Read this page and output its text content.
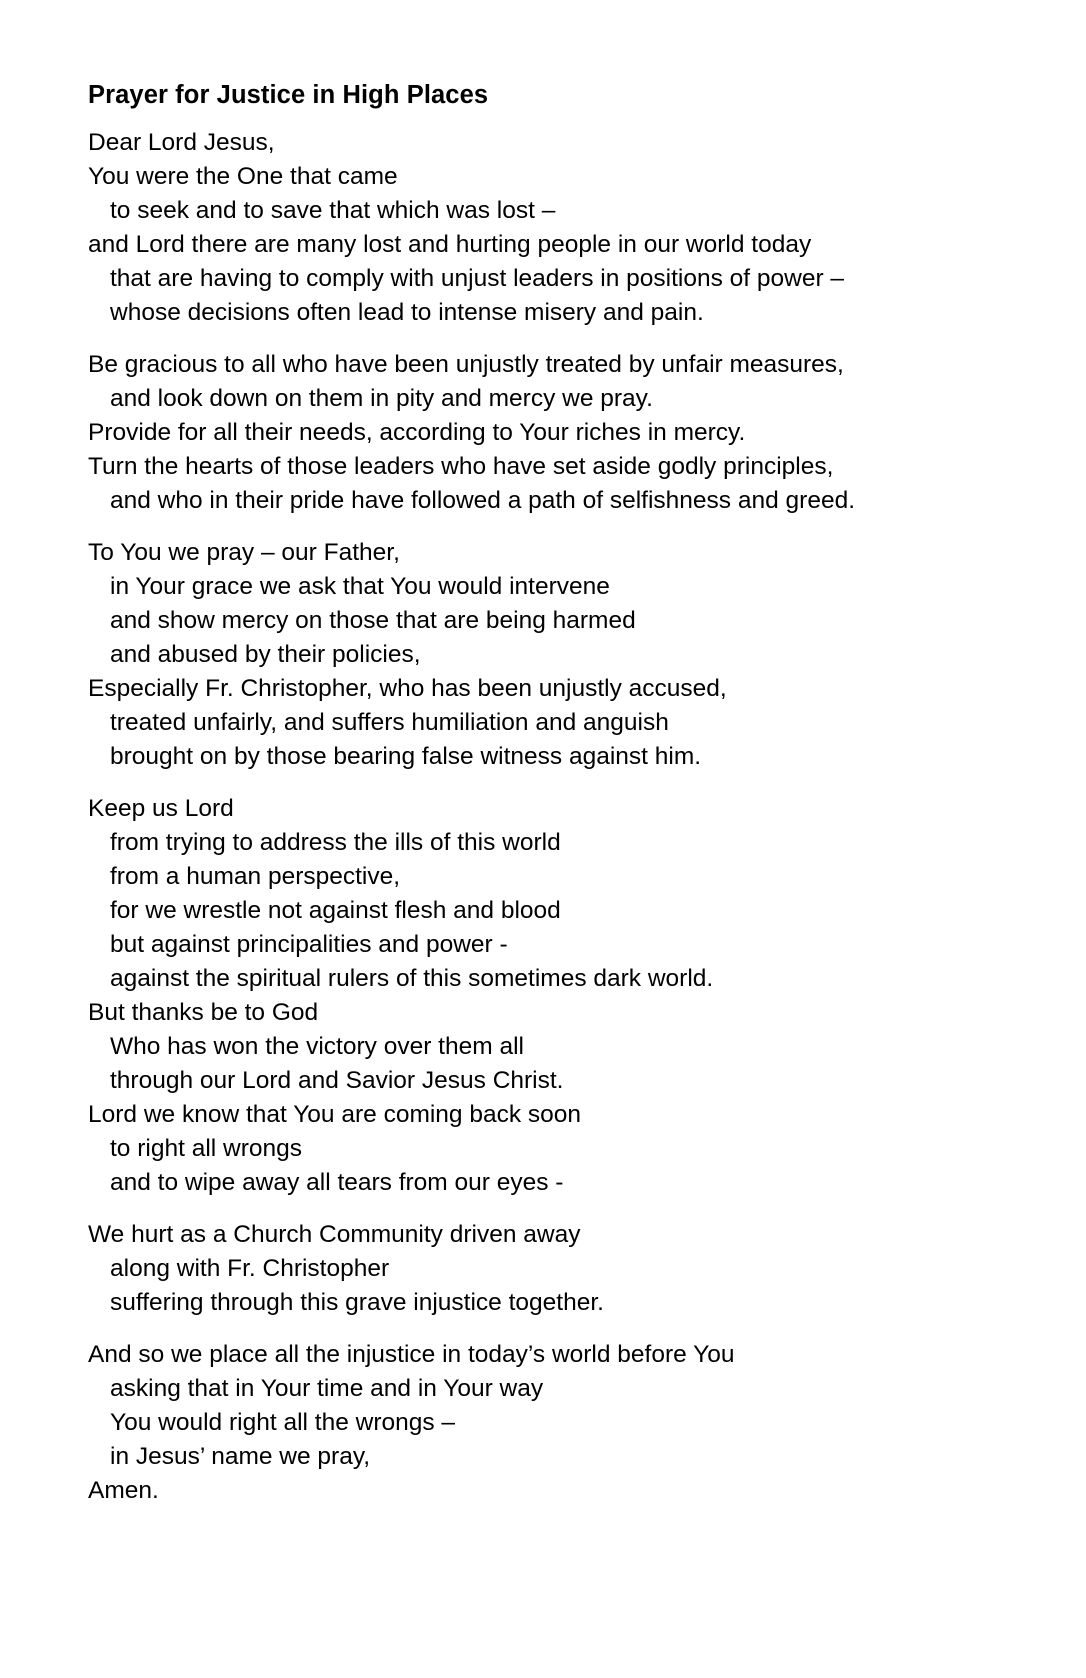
Prayer for Justice in High Places
Dear Lord Jesus,
You were the One that came
to seek and to save that which was lost –
and Lord there are many lost and hurting people in our world today
that are having to comply with unjust leaders in positions of power –
whose decisions often lead to intense misery and pain.
Be gracious to all who have been unjustly treated by unfair measures,
and look down on them in pity and mercy we pray.
Provide for all their needs, according to Your riches in mercy.
Turn the hearts of those leaders who have set aside godly principles,
and who in their pride have followed a path of selfishness and greed.
To You we pray – our Father,
in Your grace we ask that You would intervene
and show mercy on those that are being harmed
and abused by their policies,
Especially Fr. Christopher, who has been unjustly accused,
treated unfairly, and suffers humiliation and anguish
brought on by those bearing false witness against him.
Keep us Lord
from trying to address the ills of this world
from a human perspective,
for we wrestle not against flesh and blood
but against principalities and power -
against the spiritual rulers of this sometimes dark world.
But thanks be to God
Who has won the victory over them all
through our Lord and Savior Jesus Christ.
Lord we know that You are coming back soon
to right all wrongs
and to wipe away all tears from our eyes -
We hurt as a Church Community driven away
along with Fr. Christopher
suffering through this grave injustice together.
And so we place all the injustice in today’s world before You
asking that in Your time and in Your way
You would right all the wrongs –
in Jesus’ name we pray,
Amen.
